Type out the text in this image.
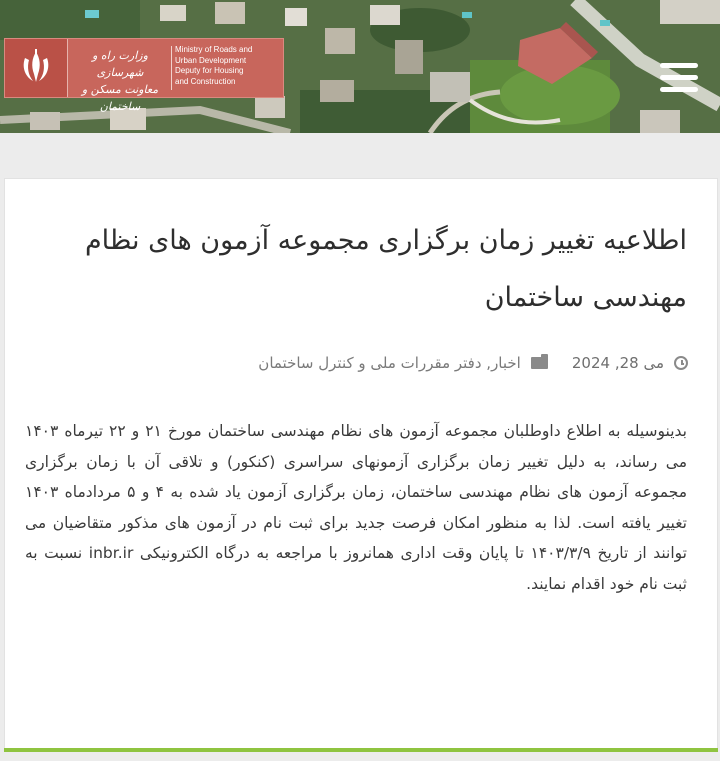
وزارت راه و شهرسازی
معاونت مسکن و ساختمان
Ministry of Roads and
Urban Development
Deputy for Housing
and Construction
اطلاعیه تغییر زمان برگزاری مجموعه آزمون های نظام مهندسی ساختمان
می 28, 2024
اخبار, دفتر مقررات ملی و کنترل ساختمان

بدینوسیله به اطلاع داوطلبان مجموعه آزمون های نظام مهندسی ساختمان مورخ ۲۱ و ۲۲ تیرماه ۱۴۰۳ می رساند، به دلیل تغییر زمان برگزاری آزمونهای سراسری (کنکور) و تلاقی آن با زمان برگزاری مجموعه آزمون های نظام مهندسی ساختمان، زمان برگزاری آزمون یاد شده به ۴ و ۵ مردادماه ۱۴۰۳ تغییر یافته است. لذا به منظور امکان فرصت جدید برای ثبت نام در آزمون های مذکور متقاضیان می توانند از تاریخ ۱۴۰۳/۳/۹ تا پایان وقت اداری همانروز با مراجعه به درگاه الکترونیکی inbr.ir نسبت به ثبت نام خود اقدام نمایند.
